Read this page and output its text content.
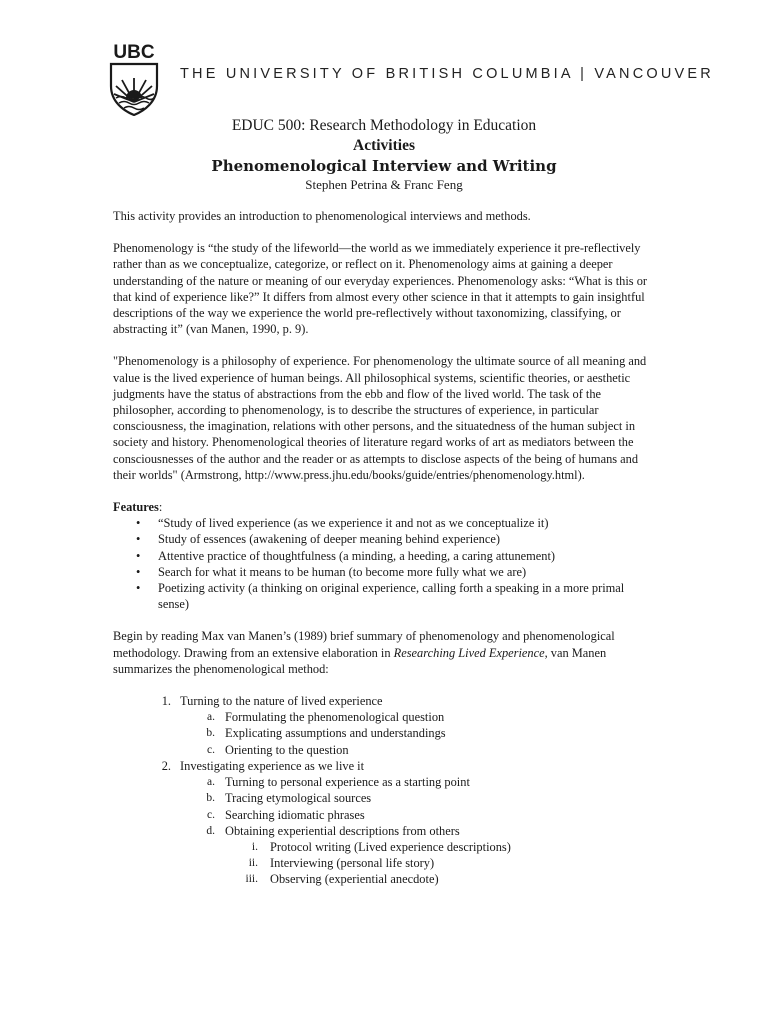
UBC
THE UNIVERSITY OF BRITISH COLUMBIA | VANCOUVER
EDUC 500: Research Methodology in Education
Activities
Phenomenological Interview and Writing
Stephen Petrina & Franc Feng

This activity provides an introduction to phenomenological interviews and methods.

Phenomenology is “the study of the lifeworld—the world as we immediately experience it pre-reflectively rather than as we conceptualize, categorize, or reflect on it. Phenomenology aims at gaining a deeper understanding of the nature or meaning of our everyday experiences. Phenomenology asks: “What is this or that kind of experience like?” It differs from almost every other science in that it attempts to gain insightful descriptions of the way we experience the world pre-reflectively without taxonomizing, classifying, or abstracting it” (van Manen, 1990, p. 9).

"Phenomenology is a philosophy of experience. For phenomenology the ultimate source of all meaning and value is the lived experience of human beings. All philosophical systems, scientific theories, or aesthetic judgments have the status of abstractions from the ebb and flow of the lived world. The task of the philosopher, according to phenomenology, is to describe the structures of experience, in particular consciousness, the imagination, relations with other persons, and the situatedness of the human subject in society and history. Phenomenological theories of literature regard works of art as mediators between the consciousnesses of the author and the reader or as attempts to disclose aspects of the being of humans and their worlds" (Armstrong, http://www.press.jhu.edu/books/guide/entries/phenomenology.html).

Features:

• “Study of lived experience (as we experience it and not as we conceptualize it)
• Study of essences (awakening of deeper meaning behind experience)
• Attentive practice of thoughtfulness (a minding, a heeding, a caring attunement)
• Search for what it means to be human (to become more fully what we are)
• Poetizing activity (a thinking on original experience, calling forth a speaking in a more primal sense)

Begin by reading Max van Manen’s (1989) brief summary of phenomenology and phenomenological methodology. Drawing from an extensive elaboration in Researching Lived Experience, van Manen summarizes the phenomenological method:

1. Turning to the nature of lived experience
a. Formulating the phenomenological question
b. Explicating assumptions and understandings
c. Orienting to the question
2. Investigating experience as we live it
a. Turning to personal experience as a starting point
b. Tracing etymological sources
c. Searching idiomatic phrases
d. Obtaining experiential descriptions from others
i. Protocol writing (Lived experience descriptions)
ii. Interviewing (personal life story)
iii. Observing (experiential anecdote)
